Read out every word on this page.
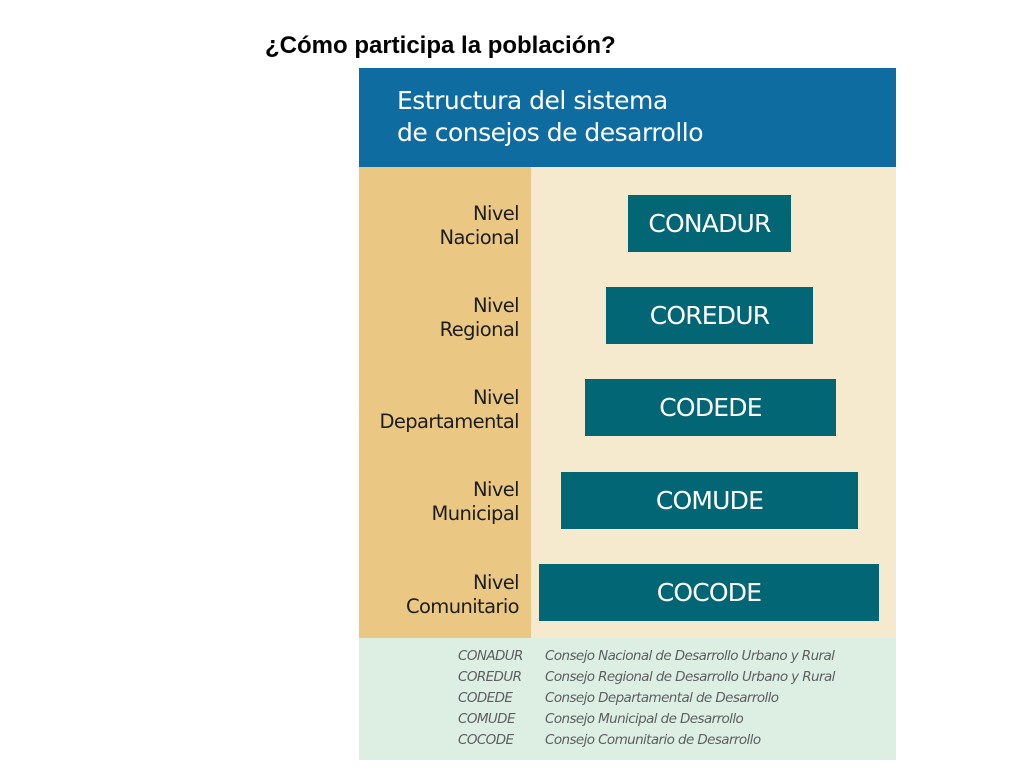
¿Cómo participa la población?
Estructura del sistema
de consejos de desarrollo
Nivel
Nacional
Nivel
Regional
Nivel
Departamental
Nivel
Municipal
Nivel
Comunitario
CONADUR
COREDUR
CODEDE
COMUDE
COCODE
CONADUR Consejo Nacional de Desarrollo Urbano y Rural
COREDUR Consejo Regional de Desarrollo Urbano y Rural
CODEDE Consejo Departamental de Desarrollo
COMUDE Consejo Municipal de Desarrollo
COCODE Consejo Comunitario de Desarrollo
